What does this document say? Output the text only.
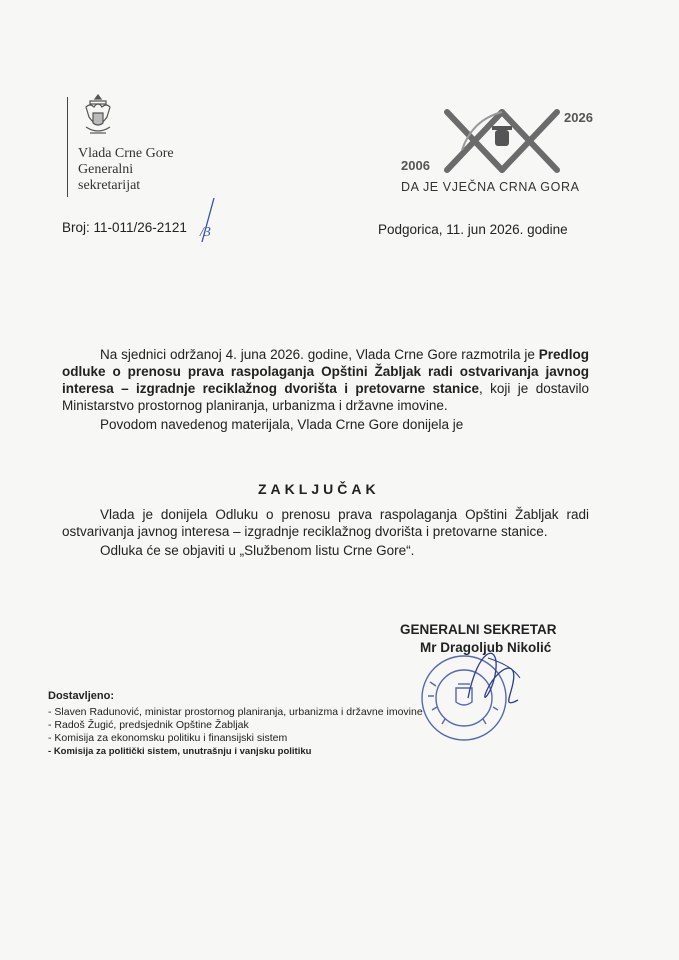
Vlada Crne Gore
Generalni
sekretarijat
2026
2006
DA JE VJEČNA CRNA GORA
Broj: 11-011/26-2121 /3	Podgorica, 11. jun 2026. godine

Na sjednici održanoj 4. juna 2026. godine, Vlada Crne Gore razmotrila je Predlog odluke o prenosu prava raspolaganja Opštini Žabljak radi ostvarivanja javnog interesa – izgradnje reciklažnog dvorišta i pretovarne stanice, koji je dostavilo Ministarstvo prostornog planiranja, urbanizma i državne imovine.

Povodom navedenog materijala, Vlada Crne Gore donijela je

ZAKLJUČAK

Vlada je donijela Odluku o prenosu prava raspolaganja Opštini Žabljak radi ostvarivanja javnog interesa – izgradnje reciklažnog dvorišta i pretovarne stanice.

Odluka će se objaviti u „Službenom listu Crne Gore“.

GENERALNI SEKRETAR
Mr Dragoljub Nikolić
Dostavljeno:
- Slaven Radunović, ministar prostornog planiranja, urbanizma i državne imovine
- Radoš Žugić, predsjednik Opštine Žabljak
- Komisija za ekonomsku politiku i finansijski sistem
- Komisija za politički sistem, unutrašnju i vanjsku politiku
